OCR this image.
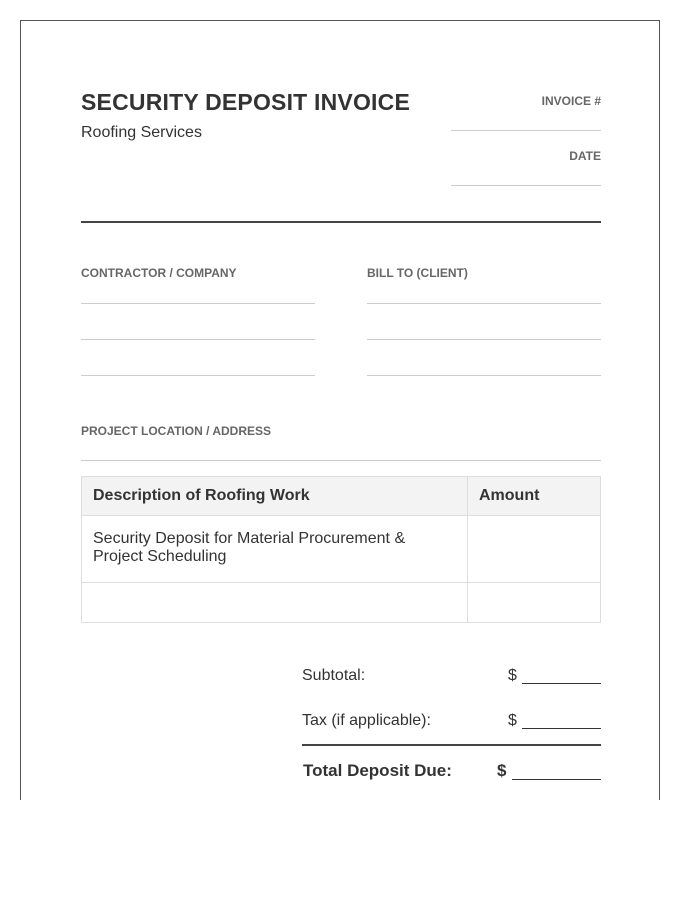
SECURITY DEPOSIT INVOICE
Roofing Services
INVOICE #
DATE
CONTRACTOR / COMPANY	BILL TO (CLIENT)
PROJECT LOCATION / ADDRESS
Description of Roofing Work	Amount
Security Deposit for Material Procurement & Project Scheduling	

Subtotal:	$
Tax (if applicable):	$
Total Deposit Due:	$
